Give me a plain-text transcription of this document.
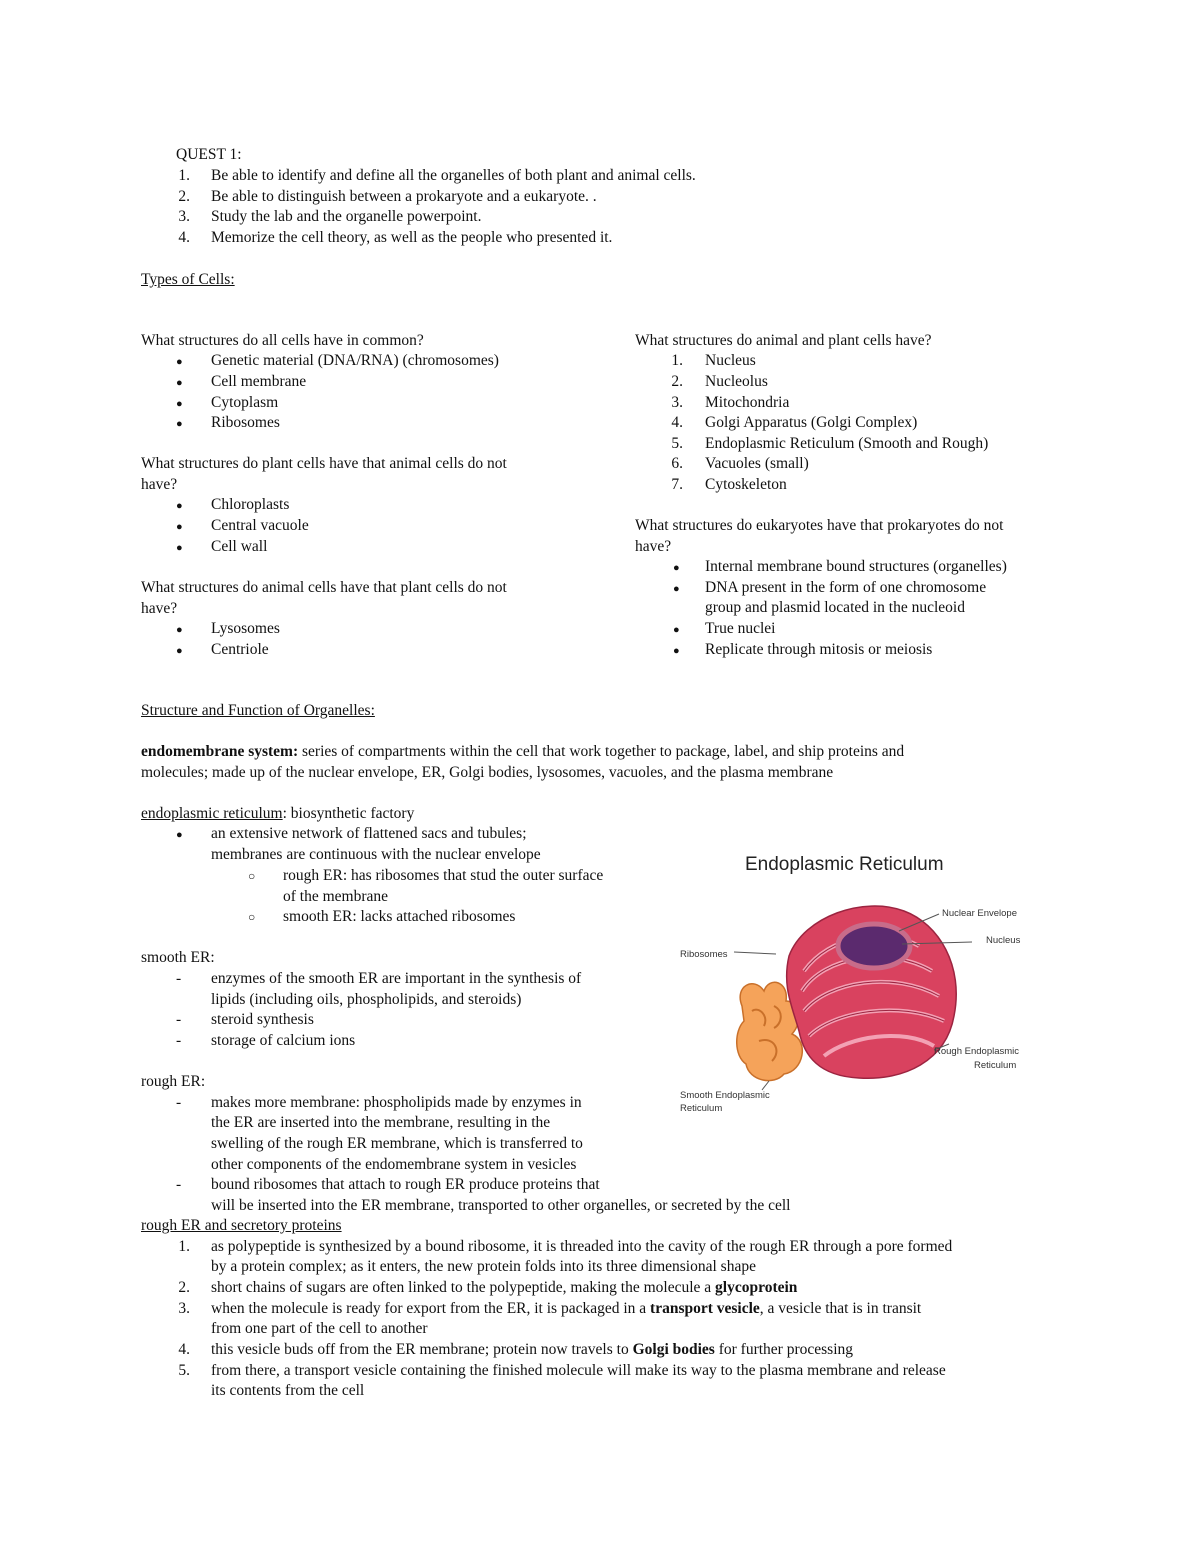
QUEST 1:
1. Be able to identify and define all the organelles of both plant and animal cells.
2. Be able to distinguish between a prokaryote and a eukaryote. .
3. Study the lab and the organelle powerpoint.
4. Memorize the cell theory, as well as the people who presented it.
Types of Cells:
What structures do all cells have in common?
● Genetic material (DNA/RNA) (chromosomes)
● Cell membrane
● Cytoplasm
● Ribosomes
What structures do plant cells have that animal cells do not
have?
● Chloroplasts
● Central vacuole
● Cell wall
What structures do animal cells have that plant cells do not
have?
● Lysosomes
● Centriole
What structures do animal and plant cells have?
1. Nucleus
2. Nucleolus
3. Mitochondria
4. Golgi Apparatus (Golgi Complex)
5. Endoplasmic Reticulum (Smooth and Rough)
6. Vacuoles (small)
7. Cytoskeleton
What structures do eukaryotes have that prokaryotes do not
have?
● Internal membrane bound structures (organelles)
● DNA present in the form of one chromosome
group and plasmid located in the nucleoid
● True nuclei
● Replicate through mitosis or meiosis
Structure and Function of Organelles:
endomembrane system: series of compartments within the cell that work together to package, label, and ship proteins and
molecules; made up of the nuclear envelope, ER, Golgi bodies, lysosomes, vacuoles, and the plasma membrane
endoplasmic reticulum: biosynthetic factory
● an extensive network of flattened sacs and tubules;
membranes are continuous with the nuclear envelope
○ rough ER: has ribosomes that stud the outer surface
of the membrane
○ smooth ER: lacks attached ribosomes
smooth ER:
- enzymes of the smooth ER are important in the synthesis of
lipids (including oils, phospholipids, and steroids)
- steroid synthesis
- storage of calcium ions
rough ER:
- makes more membrane: phospholipids made by enzymes in
the ER are inserted into the membrane, resulting in the
swelling of the rough ER membrane, which is transferred to
other components of the endomembrane system in vesicles
- bound ribosomes that attach to rough ER produce proteins that
will be inserted into the ER membrane, transported to other organelles, or secreted by the cell
rough ER and secretory proteins
1. as polypeptide is synthesized by a bound ribosome, it is threaded into the cavity of the rough ER through a pore formed
by a protein complex; as it enters, the new protein folds into its three dimensional shape
2. short chains of sugars are often linked to the polypeptide, making the molecule a glycoprotein
3. when the molecule is ready for export from the ER, it is packaged in a transport vesicle, a vesicle that is in transit
from one part of the cell to another
4. this vesicle buds off from the ER membrane; protein now travels to Golgi bodies for further processing
5. from there, a transport vesicle containing the finished molecule will make its way to the plasma membrane and release
its contents from the cell
Endoplasmic Reticulum
Nuclear Envelope
Nucleus
Ribosomes
Rough Endoplasmic
Reticulum
Smooth Endoplasmic
Reticulum
